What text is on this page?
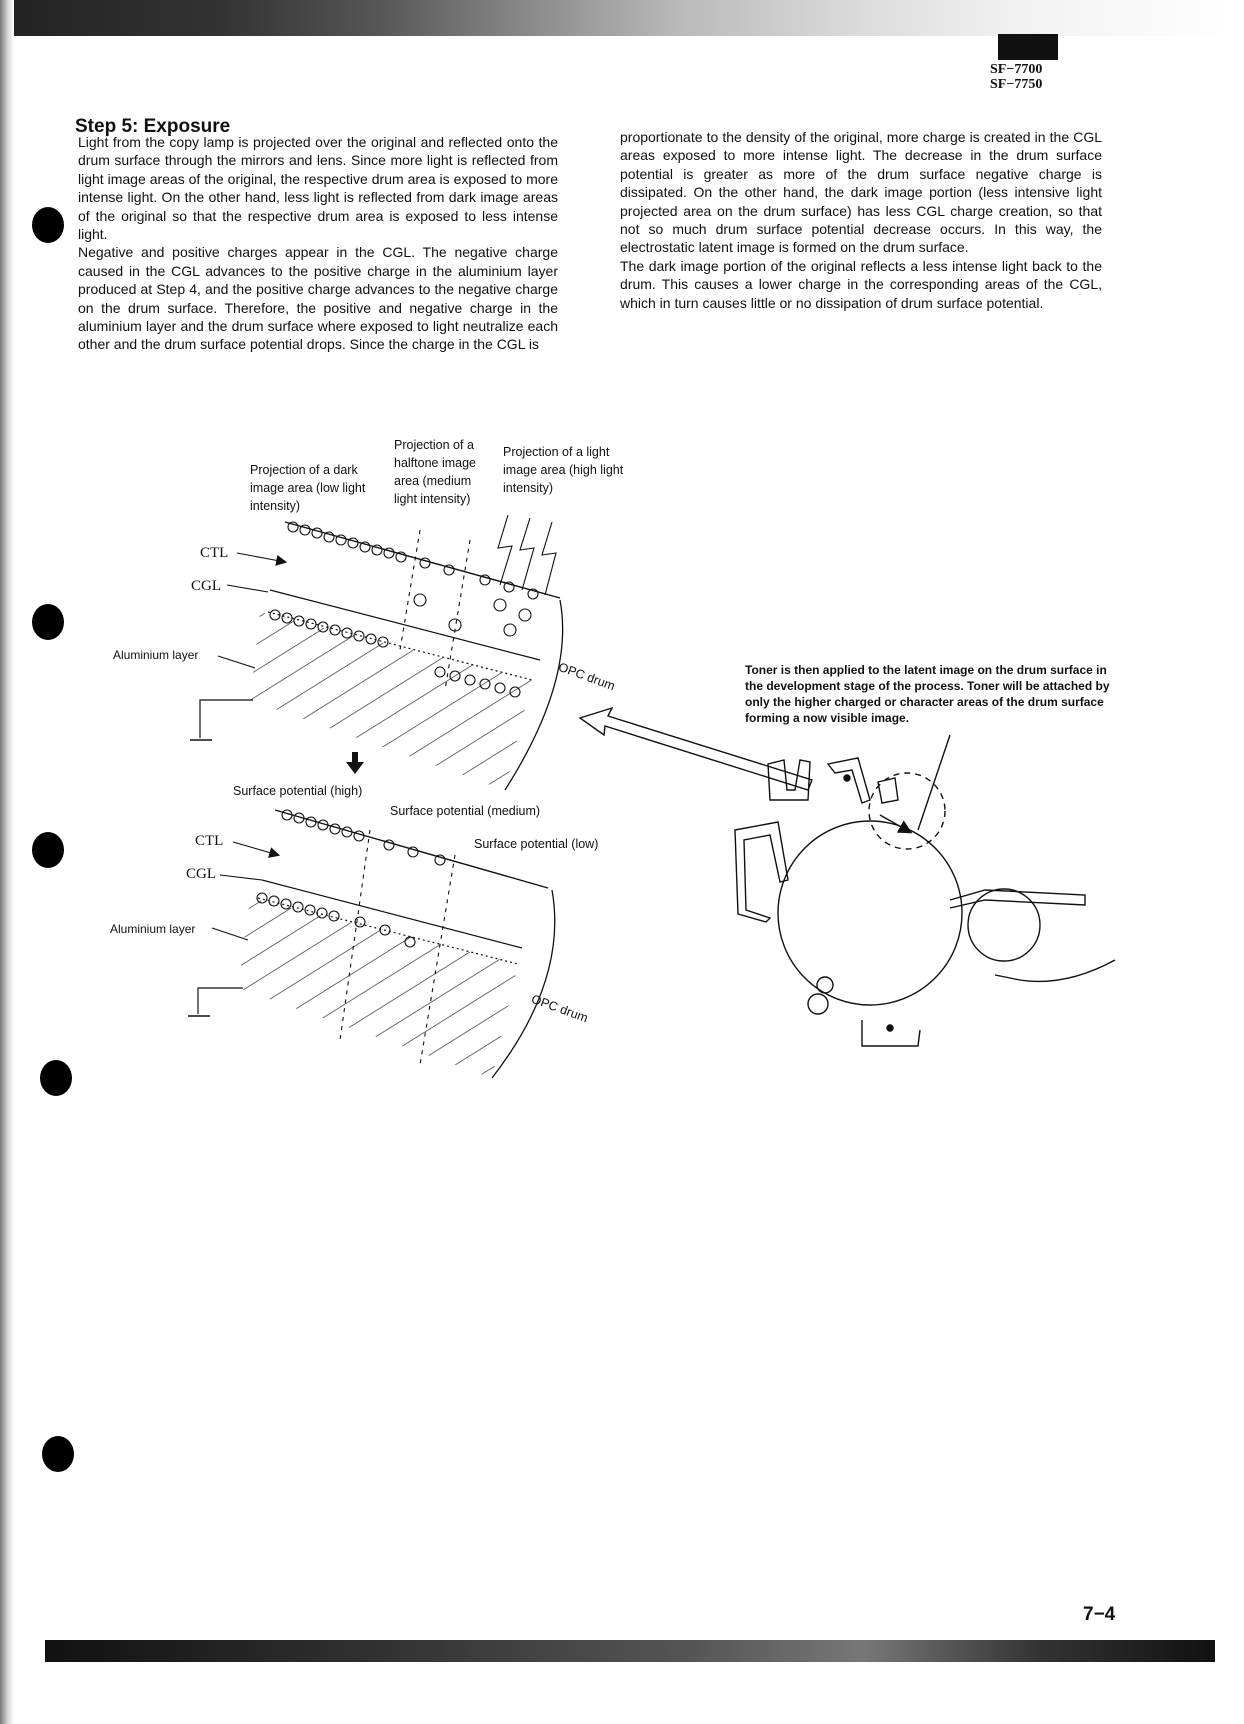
SF−7700
SF−7750
Step 5: Exposure

Light from the copy lamp is projected over the original and reflected onto the drum surface through the mirrors and lens. Since more light is reflected from light image areas of the original, the respective drum area is exposed to more intense light. On the other hand, less light is reflected from dark image areas of the original so that the respective drum area is exposed to less intense light.

Negative and positive charges appear in the CGL. The negative charge caused in the CGL advances to the positive charge in the aluminium layer produced at Step 4, and the positive charge advances to the negative charge on the drum surface. Therefore, the positive and negative charge in the aluminium layer and the drum surface where exposed to light neutralize each other and the drum surface potential drops. Since the charge in the CGL is

proportionate to the density of the original, more charge is created in the CGL areas exposed to more intense light. The decrease in the drum surface potential is greater as more of the drum surface negative charge is dissipated. On the other hand, the dark image portion (less intensive light projected area on the drum surface) has less CGL charge creation, so that not so much drum surface potential decrease occurs. In this way, the electrostatic latent image is formed on the drum surface.

The dark image portion of the original reflects a less intense light back to the drum. This causes a lower charge in the corresponding areas of the CGL, which in turn causes little or no dissipation of drum surface potential.

Projection of a dark image area (low light intensity)
Projection of a halftone image area (medium light intensity)
Projection of a light image area (high light intensity)
CTL
CGL
Aluminium layer
OPC drum
Surface potential (high)
Surface potential (medium)
Surface potential (low)
CTL
CGL
Aluminium layer
OPC drum
Toner is then applied to the latent image on the drum surface in the development stage of the process. Toner will be attached by only the higher charged or character areas of the drum surface forming a now visible image.
7−4
